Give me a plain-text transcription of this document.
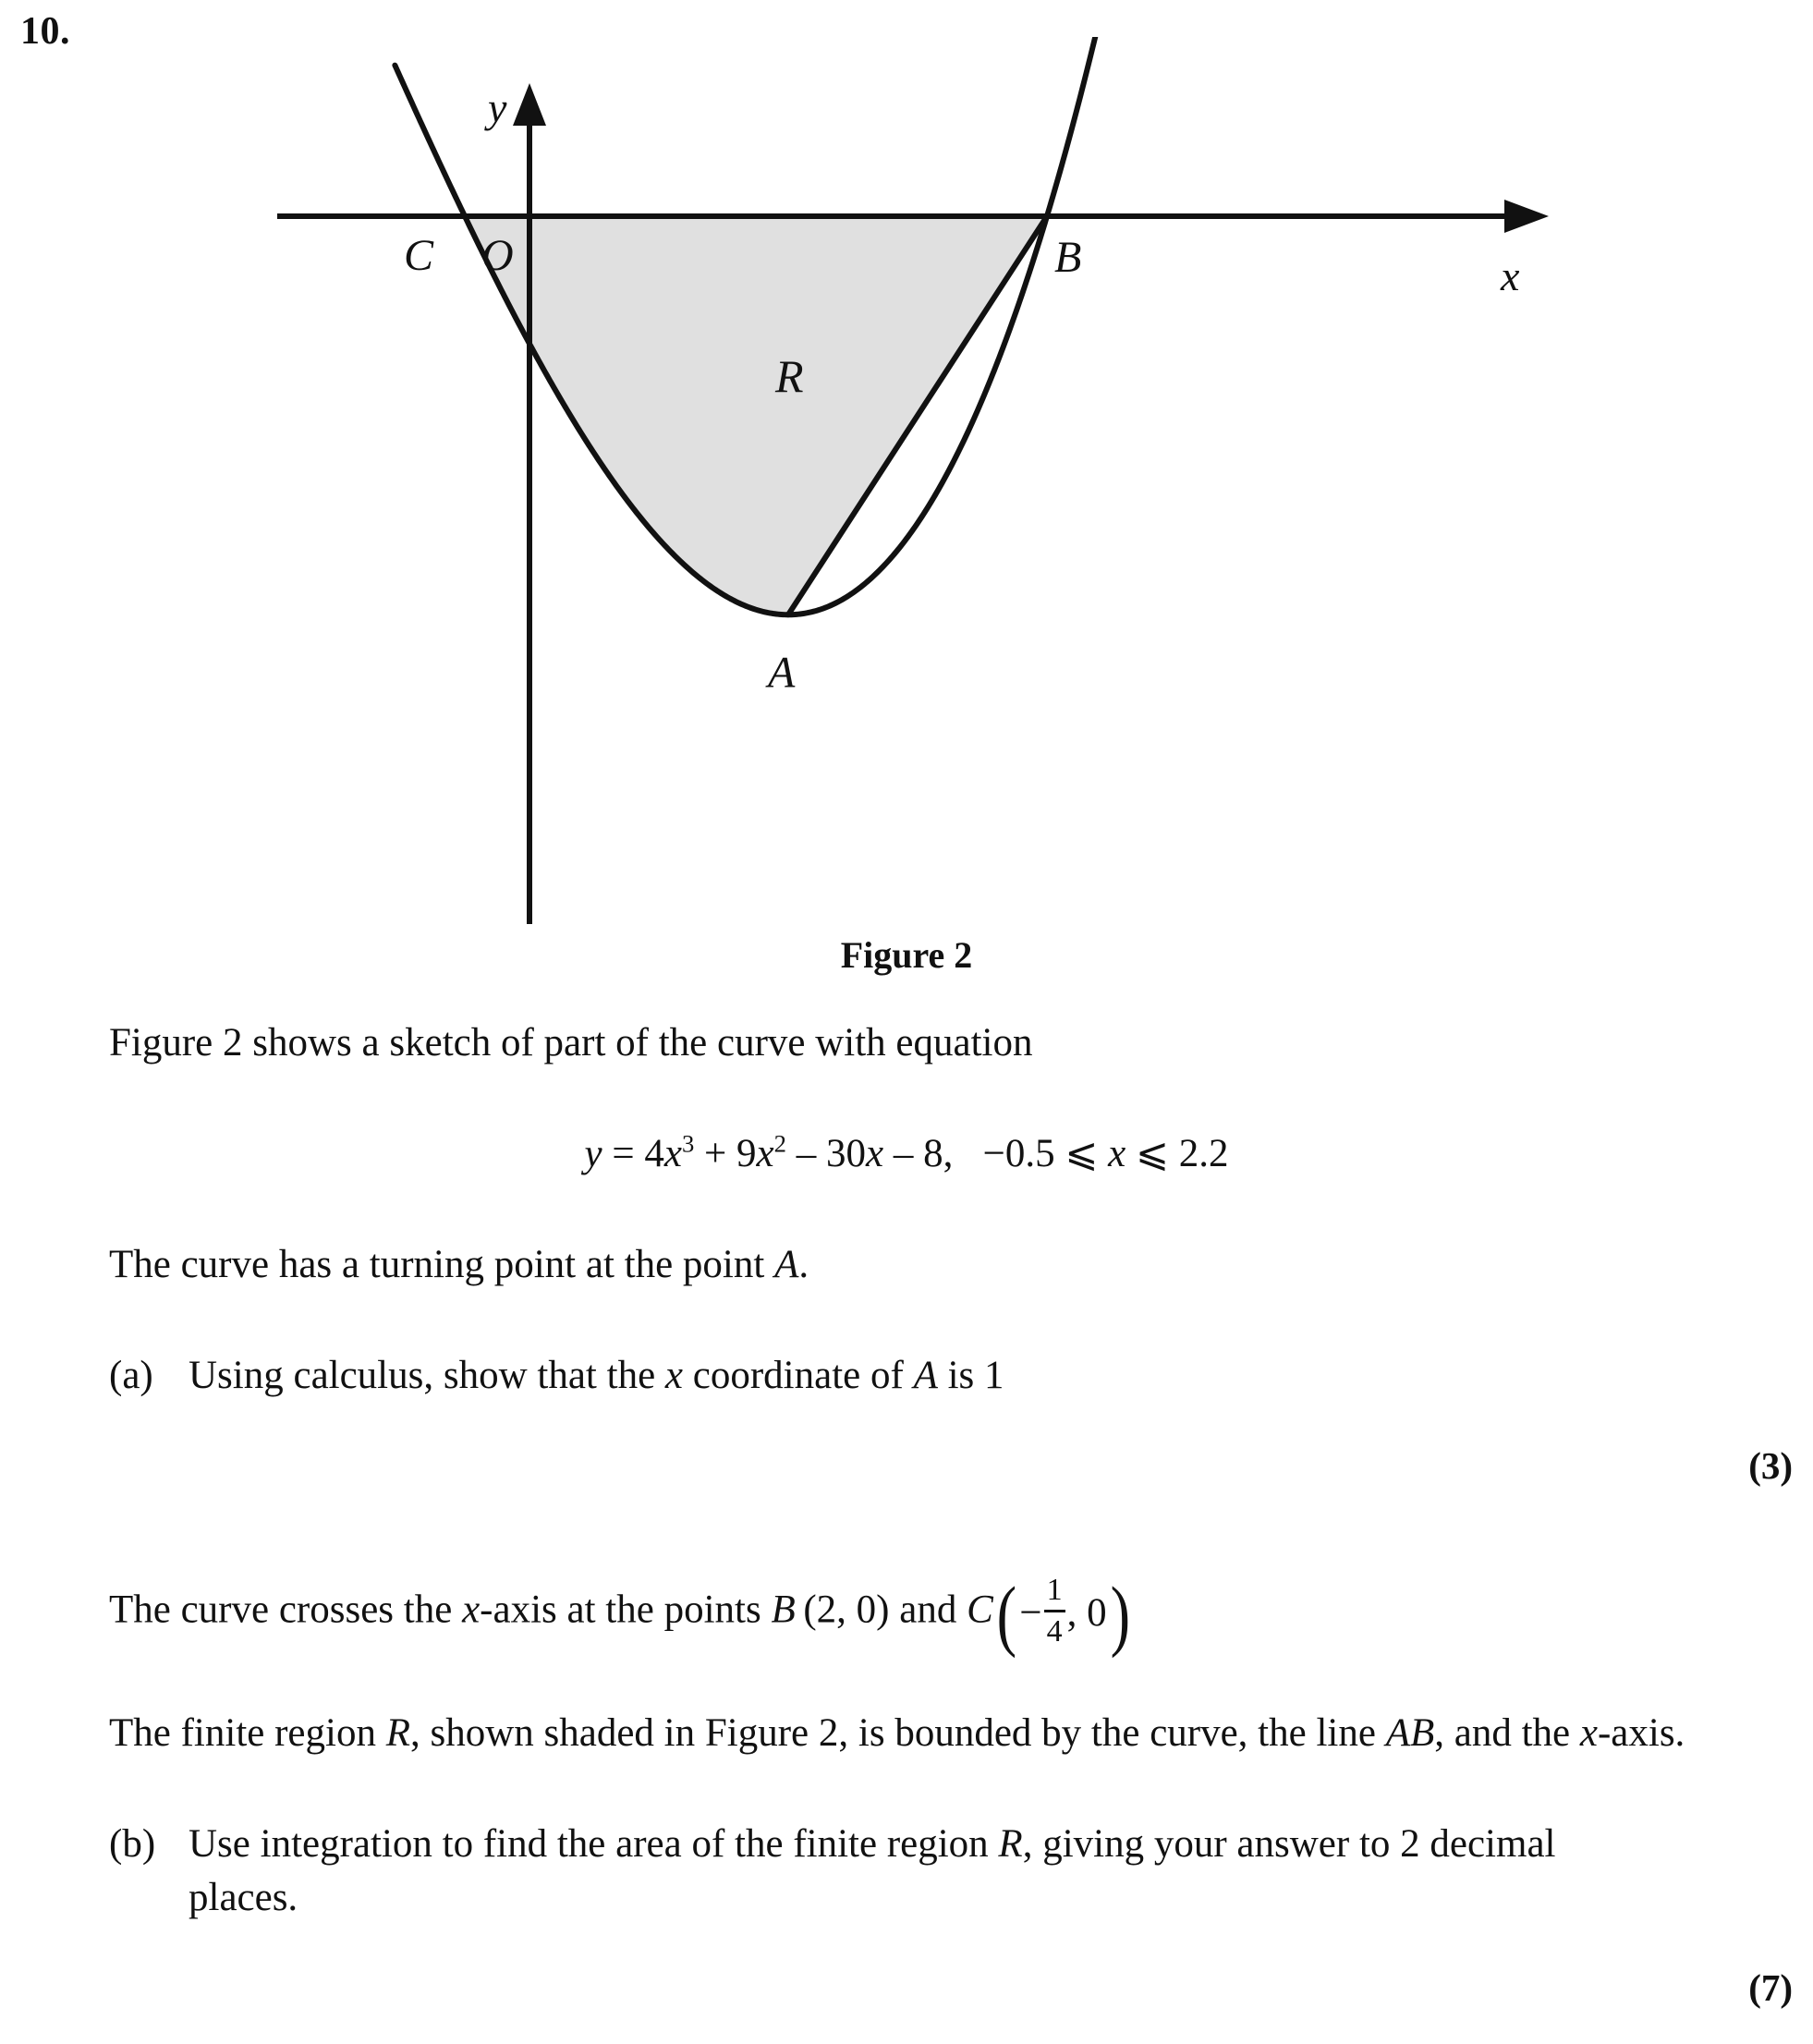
10.
y
x
O
C	B
A
R
Figure 2

Figure 2 shows a sketch of part of the curve with equation

$y = 4x^3 + 9x^2 - 30x - 8$, −0.5 ⩽ x ⩽ 2.2

The curve has a turning point at the point A.

(a) Using calculus, show that the x coordinate of A is 1
(3)

The curve crosses the x-axis at the points B  (2, 0) and C ( − $\frac{1}{4}$ , 0 )

The finite region R, shown shaded in Figure 2, is bounded by the curve, the line AB, and the x-axis.

(b) Use integration to find the area of the finite region R, giving your answer to 2 decimal
places.
(7)
